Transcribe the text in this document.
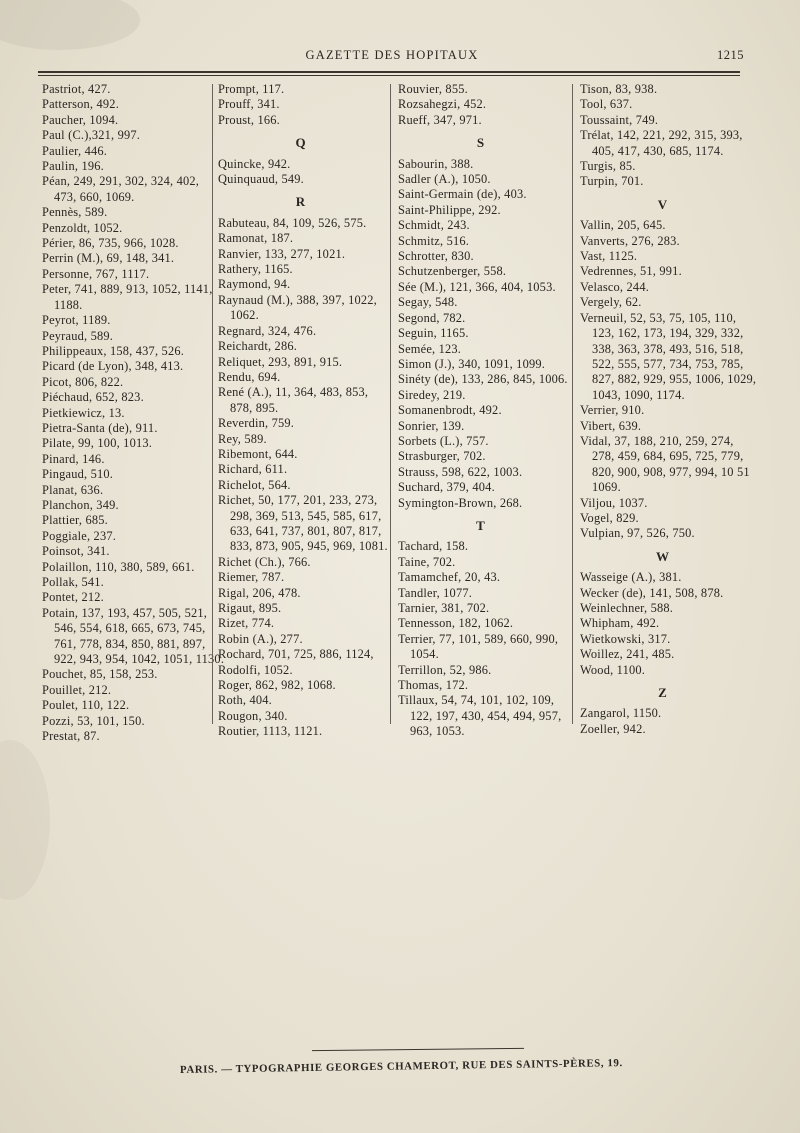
GAZETTE DES HOPITAUX	1215
Pastriot, 427.
Patterson, 492.
Paucher, 1094.
Paul (C.),321, 997.
Paulier, 446.
Paulin, 196.
Péan, 249, 291, 302, 324, 402,
473, 660, 1069.
Pennès, 589.
Penzoldt, 1052.
Périer, 86, 735, 966, 1028.
Perrin (M.), 69, 148, 341.
Personne, 767, 1117.
Peter, 741, 889, 913, 1052, 1141,
1188.
Peyrot, 1189.
Peyraud, 589.
Philippeaux, 158, 437, 526.
Picard (de Lyon), 348, 413.
Picot, 806, 822.
Piéchaud, 652, 823.
Pietkiewicz, 13.
Pietra-Santa (de), 911.
Pilate, 99, 100, 1013.
Pinard, 146.
Pingaud, 510.
Planat, 636.
Planchon, 349.
Plattier, 685.
Poggiale, 237.
Poinsot, 341.
Polaillon, 110, 380, 589, 661.
Pollak, 541.
Pontet, 212.
Potain, 137, 193, 457, 505, 521,
546, 554, 618, 665, 673, 745,
761, 778, 834, 850, 881, 897,
922, 943, 954, 1042, 1051, 1130.
Pouchet, 85, 158, 253.
Pouillet, 212.
Poulet, 110, 122.
Pozzi, 53, 101, 150.
Prestat, 87.
Prompt, 117.
Prouff, 341.
Proust, 166.
Q
Quincke, 942.
Quinquaud, 549.
R
Rabuteau, 84, 109, 526, 575.
Ramonat, 187.
Ranvier, 133, 277, 1021.
Rathery, 1165.
Raymond, 94.
Raynaud (M.), 388, 397, 1022,
1062.
Regnard, 324, 476.
Reichardt, 286.
Reliquet, 293, 891, 915.
Rendu, 694.
René (A.), 11, 364, 483, 853,
878, 895.
Reverdin, 759.
Rey, 589.
Ribemont, 644.
Richard, 611.
Richelot, 564.
Richet, 50, 177, 201, 233, 273,
298, 369, 513, 545, 585, 617,
633, 641, 737, 801, 807, 817,
833, 873, 905, 945, 969, 1081.
Richet (Ch.), 766.
Riemer, 787.
Rigal, 206, 478.
Rigaut, 895.
Rizet, 774.
Robin (A.), 277.
Rochard, 701, 725, 886, 1124,
Rodolfi, 1052.
Roger, 862, 982, 1068.
Roth, 404.
Rougon, 340.
Routier, 1113, 1121.
Rouvier, 855.
Rozsahegzi, 452.
Rueff, 347, 971.
S
Sabourin, 388.
Sadler (A.), 1050.
Saint-Germain (de), 403.
Saint-Philippe, 292.
Schmidt, 243.
Schmitz, 516.
Schrotter, 830.
Schutzenberger, 558.
Sée (M.), 121, 366, 404, 1053.
Segay, 548.
Segond, 782.
Seguin, 1165.
Semée, 123.
Simon (J.), 340, 1091, 1099.
Sinéty (de), 133, 286, 845, 1006.
Siredey, 219.
Somanenbrodt, 492.
Sonrier, 139.
Sorbets (L.), 757.
Strasburger, 702.
Strauss, 598, 622, 1003.
Suchard, 379, 404.
Symington-Brown, 268.
T
Tachard, 158.
Taine, 702.
Tamamchef, 20, 43.
Tandler, 1077.
Tarnier, 381, 702.
Tennesson, 182, 1062.
Terrier, 77, 101, 589, 660, 990,
1054.
Terrillon, 52, 986.
Thomas, 172.
Tillaux, 54, 74, 101, 102, 109,
122, 197, 430, 454, 494, 957,
963, 1053.
Tison, 83, 938.
Tool, 637.
Toussaint, 749.
Trélat, 142, 221, 292, 315, 393,
405, 417, 430, 685, 1174.
Turgis, 85.
Turpin, 701.
V
Vallin, 205, 645.
Vanverts, 276, 283.
Vast, 1125.
Vedrennes, 51, 991.
Velasco, 244.
Vergely, 62.
Verneuil, 52, 53, 75, 105, 110,
123, 162, 173, 194, 329, 332,
338, 363, 378, 493, 516, 518,
522, 555, 577, 734, 753, 785,
827, 882, 929, 955, 1006, 1029,
1043, 1090, 1174.
Verrier, 910.
Vibert, 639.
Vidal, 37, 188, 210, 259, 274,
278, 459, 684, 695, 725, 779,
820, 900, 908, 977, 994, 10 51
1069.
Viljou, 1037.
Vogel, 829.
Vulpian, 97, 526, 750.
W
Wasseige (A.), 381.
Wecker (de), 141, 508, 878.
Weinlechner, 588.
Whipham, 492.
Wietkowski, 317.
Woillez, 241, 485.
Wood, 1100.
Z
Zangarol, 1150.
Zoeller, 942.
PARIS. — TYPOGRAPHIE GEORGES CHAMEROT, RUE DES SAINTS-PÈRES, 19.
